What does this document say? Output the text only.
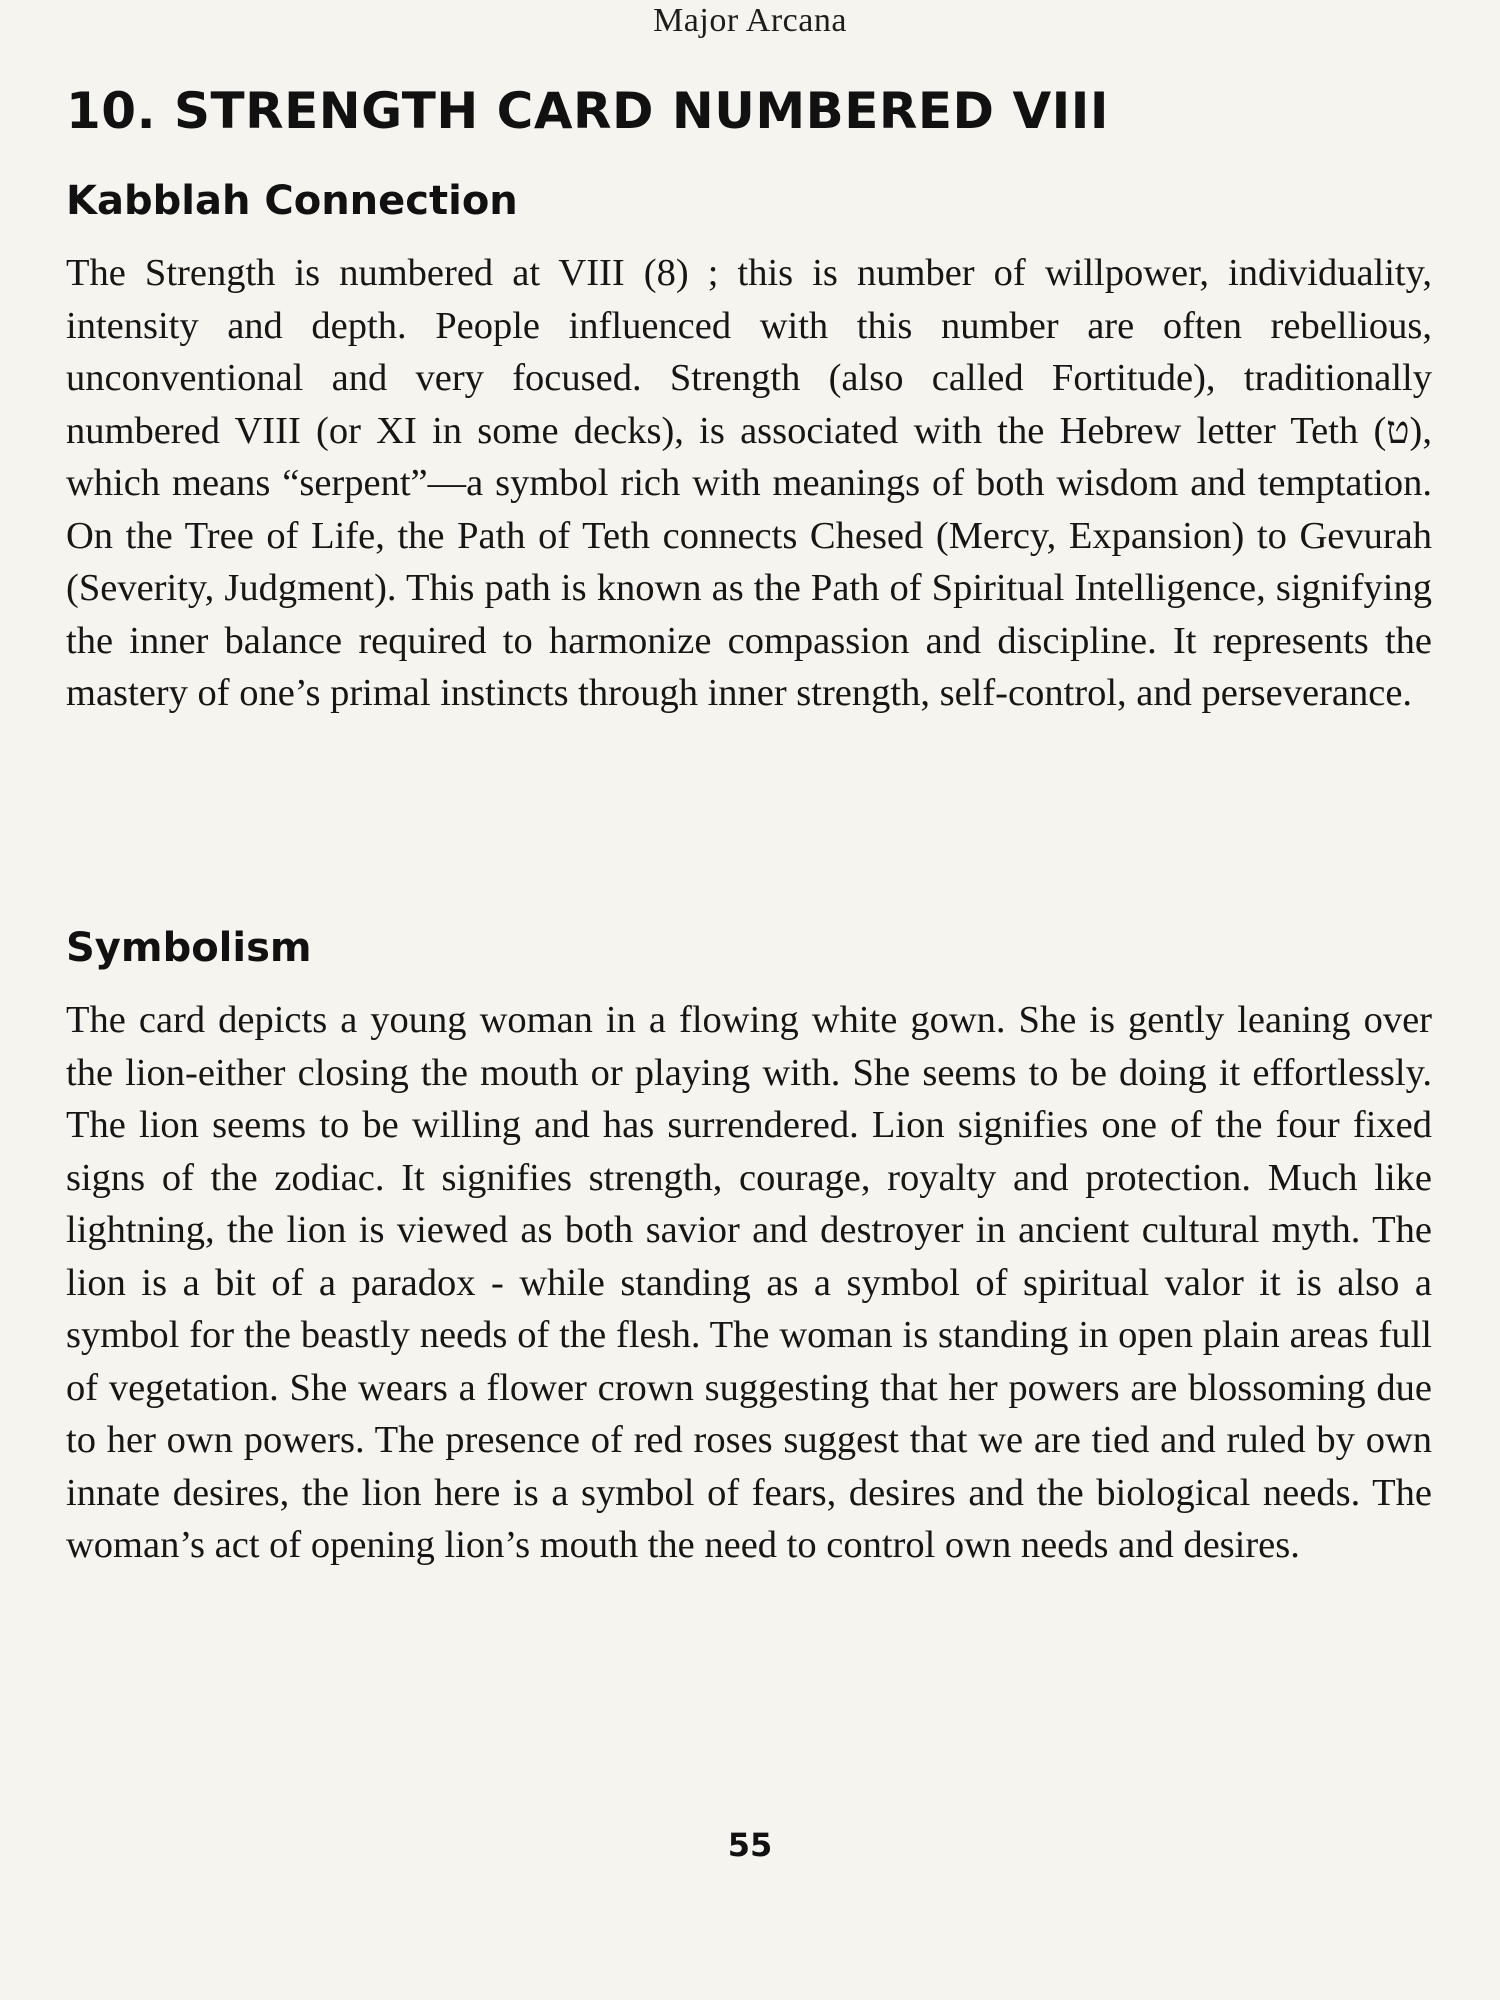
Major Arcana
10. STRENGTH CARD NUMBERED VIII
Kabblah Connection

The Strength is numbered at VIII (8) ; this is number of willpower, individuality, intensity and depth. People influenced with this number are often rebellious, unconventional and very focused. Strength (also called Fortitude), traditionally numbered VIII (or XI in some decks), is associated with the Hebrew letter Teth (ט), which means “serpent”—a symbol rich with meanings of both wisdom and temptation. On the Tree of Life, the Path of Teth connects Chesed (Mercy, Expansion) to Gevurah (Severity, Judgment). This path is known as the Path of Spiritual Intelligence, signifying the inner balance required to harmonize compassion and discipline. It represents the mastery of one’s primal instincts through inner strength, self-control, and perseverance.

Symbolism

The card depicts a young woman in a flowing white gown. She is gently leaning over the lion-either closing the mouth or playing with. She seems to be doing it effortlessly. The lion seems to be willing and has surrendered. Lion signifies one of the four fixed signs of the zodiac. It signifies strength, courage, royalty and protection. Much like lightning, the lion is viewed as both savior and destroyer in ancient cultural myth. The lion is a bit of a paradox - while standing as a symbol of spiritual valor it is also a symbol for the beastly needs of the flesh. The woman is standing in open plain areas full of vegetation. She wears a flower crown suggesting that her powers are blossoming due to her own powers. The presence of red roses suggest that we are tied and ruled by own innate desires, the lion here is a symbol of fears, desires and the biological needs. The woman’s act of opening lion’s mouth the need to control own needs and desires.

55
